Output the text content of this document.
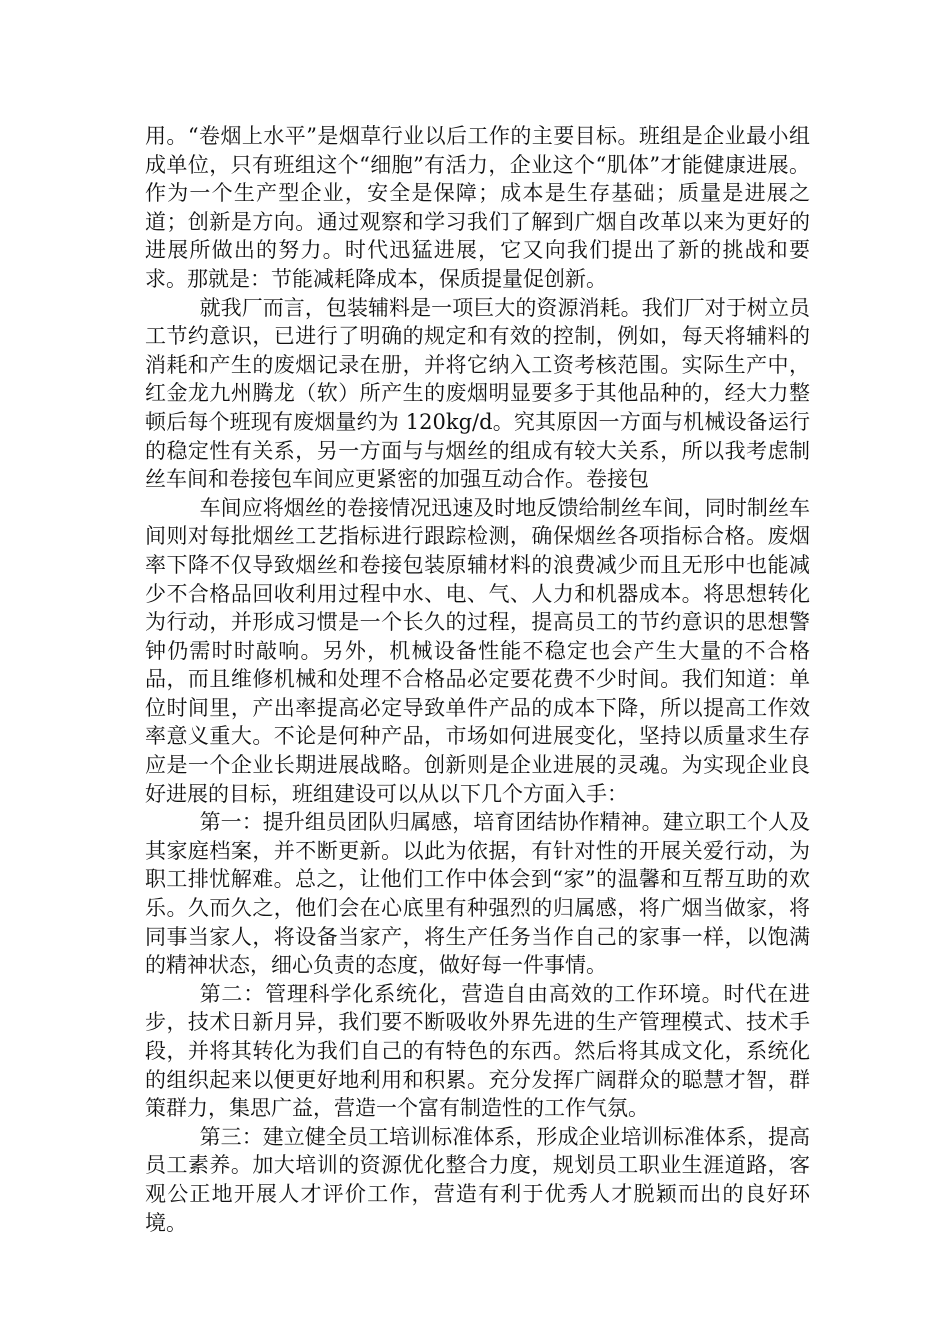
用。“卷烟上水平”是烟草行业以后工作的主要目标。班组是企业最小组成单位，只有班组这个“细胞”有活力，企业这个“肌体”才能健康进展。作为一个生产型企业，安全是保障；成本是生存基础；质量是进展之道；创新是方向。通过观察和学习我们了解到广烟自改革以来为更好的进展所做出的努力。时代迅猛进展，它又向我们提出了新的挑战和要求。那就是：节能减耗降成本，保质提量促创新。

就我厂而言，包装辅料是一项巨大的资源消耗。我们厂对于树立员工节约意识，已进行了明确的规定和有效的控制，例如，每天将辅料的消耗和产生的废烟记录在册，并将它纳入工资考核范围。实际生产中，红金龙九州腾龙（软）所产生的废烟明显要多于其他品种的，经大力整顿后每个班现有废烟量约为 120kg/d。究其原因一方面与机械设备运行的稳定性有关系，另一方面与与烟丝的组成有较大关系，所以我考虑制丝车间和卷接包车间应更紧密的加强互动合作。卷接包

车间应将烟丝的卷接情况迅速及时地反馈给制丝车间，同时制丝车间则对每批烟丝工艺指标进行跟踪检测，确保烟丝各项指标合格。废烟率下降不仅导致烟丝和卷接包装原辅材料的浪费减少而且无形中也能减少不合格品回收利用过程中水、电、气、人力和机器成本。将思想转化为行动，并形成习惯是一个长久的过程，提高员工的节约意识的思想警钟仍需时时敲响。另外，机械设备性能不稳定也会产生大量的不合格品，而且维修机械和处理不合格品必定要花费不少时间。我们知道：单位时间里，产出率提高必定导致单件产品的成本下降，所以提高工作效率意义重大。不论是何种产品，市场如何进展变化，坚持以质量求生存应是一个企业长期进展战略。创新则是企业进展的灵魂。为实现企业良好进展的目标，班组建设可以从以下几个方面入手：

第一：提升组员团队归属感，培育团结协作精神。建立职工个人及其家庭档案，并不断更新。以此为依据，有针对性的开展关爱行动，为职工排忧解难。总之，让他们工作中体会到“家”的温馨和互帮互助的欢乐。久而久之，他们会在心底里有种强烈的归属感，将广烟当做家，将同事当家人，将设备当家产，将生产任务当作自己的家事一样，以饱满的精神状态，细心负责的态度，做好每一件事情。

第二：管理科学化系统化，营造自由高效的工作环境。时代在进步，技术日新月异，我们要不断吸收外界先进的生产管理模式、技术手段，并将其转化为我们自己的有特色的东西。然后将其成文化，系统化的组织起来以便更好地利用和积累。充分发挥广阔群众的聪慧才智，群策群力，集思广益，营造一个富有制造性的工作气氛。

第三：建立健全员工培训标准体系，形成企业培训标准体系，提高员工素养。加大培训的资源优化整合力度，规划员工职业生涯道路，客观公正地开展人才评价工作，营造有利于优秀人才脱颖而出的良好环境。
